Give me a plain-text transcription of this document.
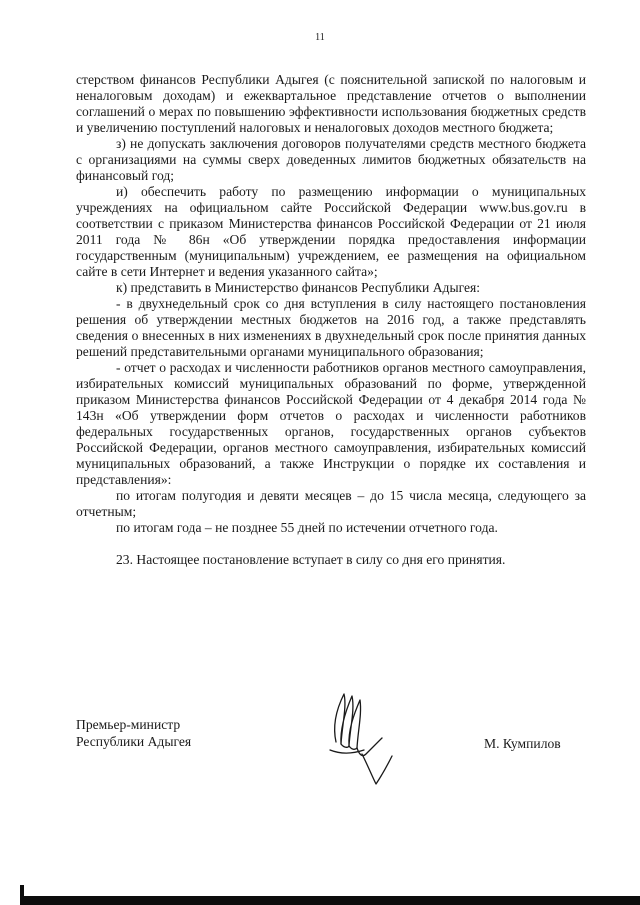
11

стерством финансов Республики Адыгея (с пояснительной запиской по налоговым и неналоговым доходам) и ежеквартальное представление отчетов о выполнении соглашений о мерах по повышению эффективности использования бюджетных средств и увеличению поступлений налоговых и неналоговых доходов местного бюджета;

з) не допускать заключения договоров получателями средств местного бюджета с организациями на суммы сверх доведенных лимитов бюджетных обязательств на финансовый год;

и) обеспечить работу по размещению информации о муниципальных учреждениях на официальном сайте Российской Федерации www.bus.gov.ru в соответствии с приказом Министерства финансов Российской Федерации от 21 июля 2011 года № 86н «Об утверждении порядка предоставления информации государственным (муниципальным) учреждением, ее размещения на официальном сайте в сети Интернет и ведения указанного сайта»;

к) представить в Министерство финансов Республики Адыгея:

- в двухнедельный срок со дня вступления в силу настоящего постановления решения об утверждении местных бюджетов на 2016 год, а также представлять сведения о внесенных в них изменениях в двухнедельный срок после принятия данных решений представительными органами муниципального образования;

- отчет о расходах и численности работников органов местного самоуправления, избирательных комиссий муниципальных образований по форме, утвержденной приказом Министерства финансов Российской Федерации от 4 декабря 2014 года № 143н «Об утверждении форм отчетов о расходах и численности работников федеральных государственных органов, государственных органов субъектов Российской Федерации, органов местного самоуправления, избирательных комиссий муниципальных образований, а также Инструкции о порядке их составления и представления»:

по итогам полугодия и девяти месяцев – до 15 числа месяца, следующего за отчетным;

по итогам года – не позднее 55 дней по истечении отчетного года.

23. Настоящее постановление вступает в силу со дня его принятия.

Премьер-министр
Республики Адыгея	М. Кумпилов
